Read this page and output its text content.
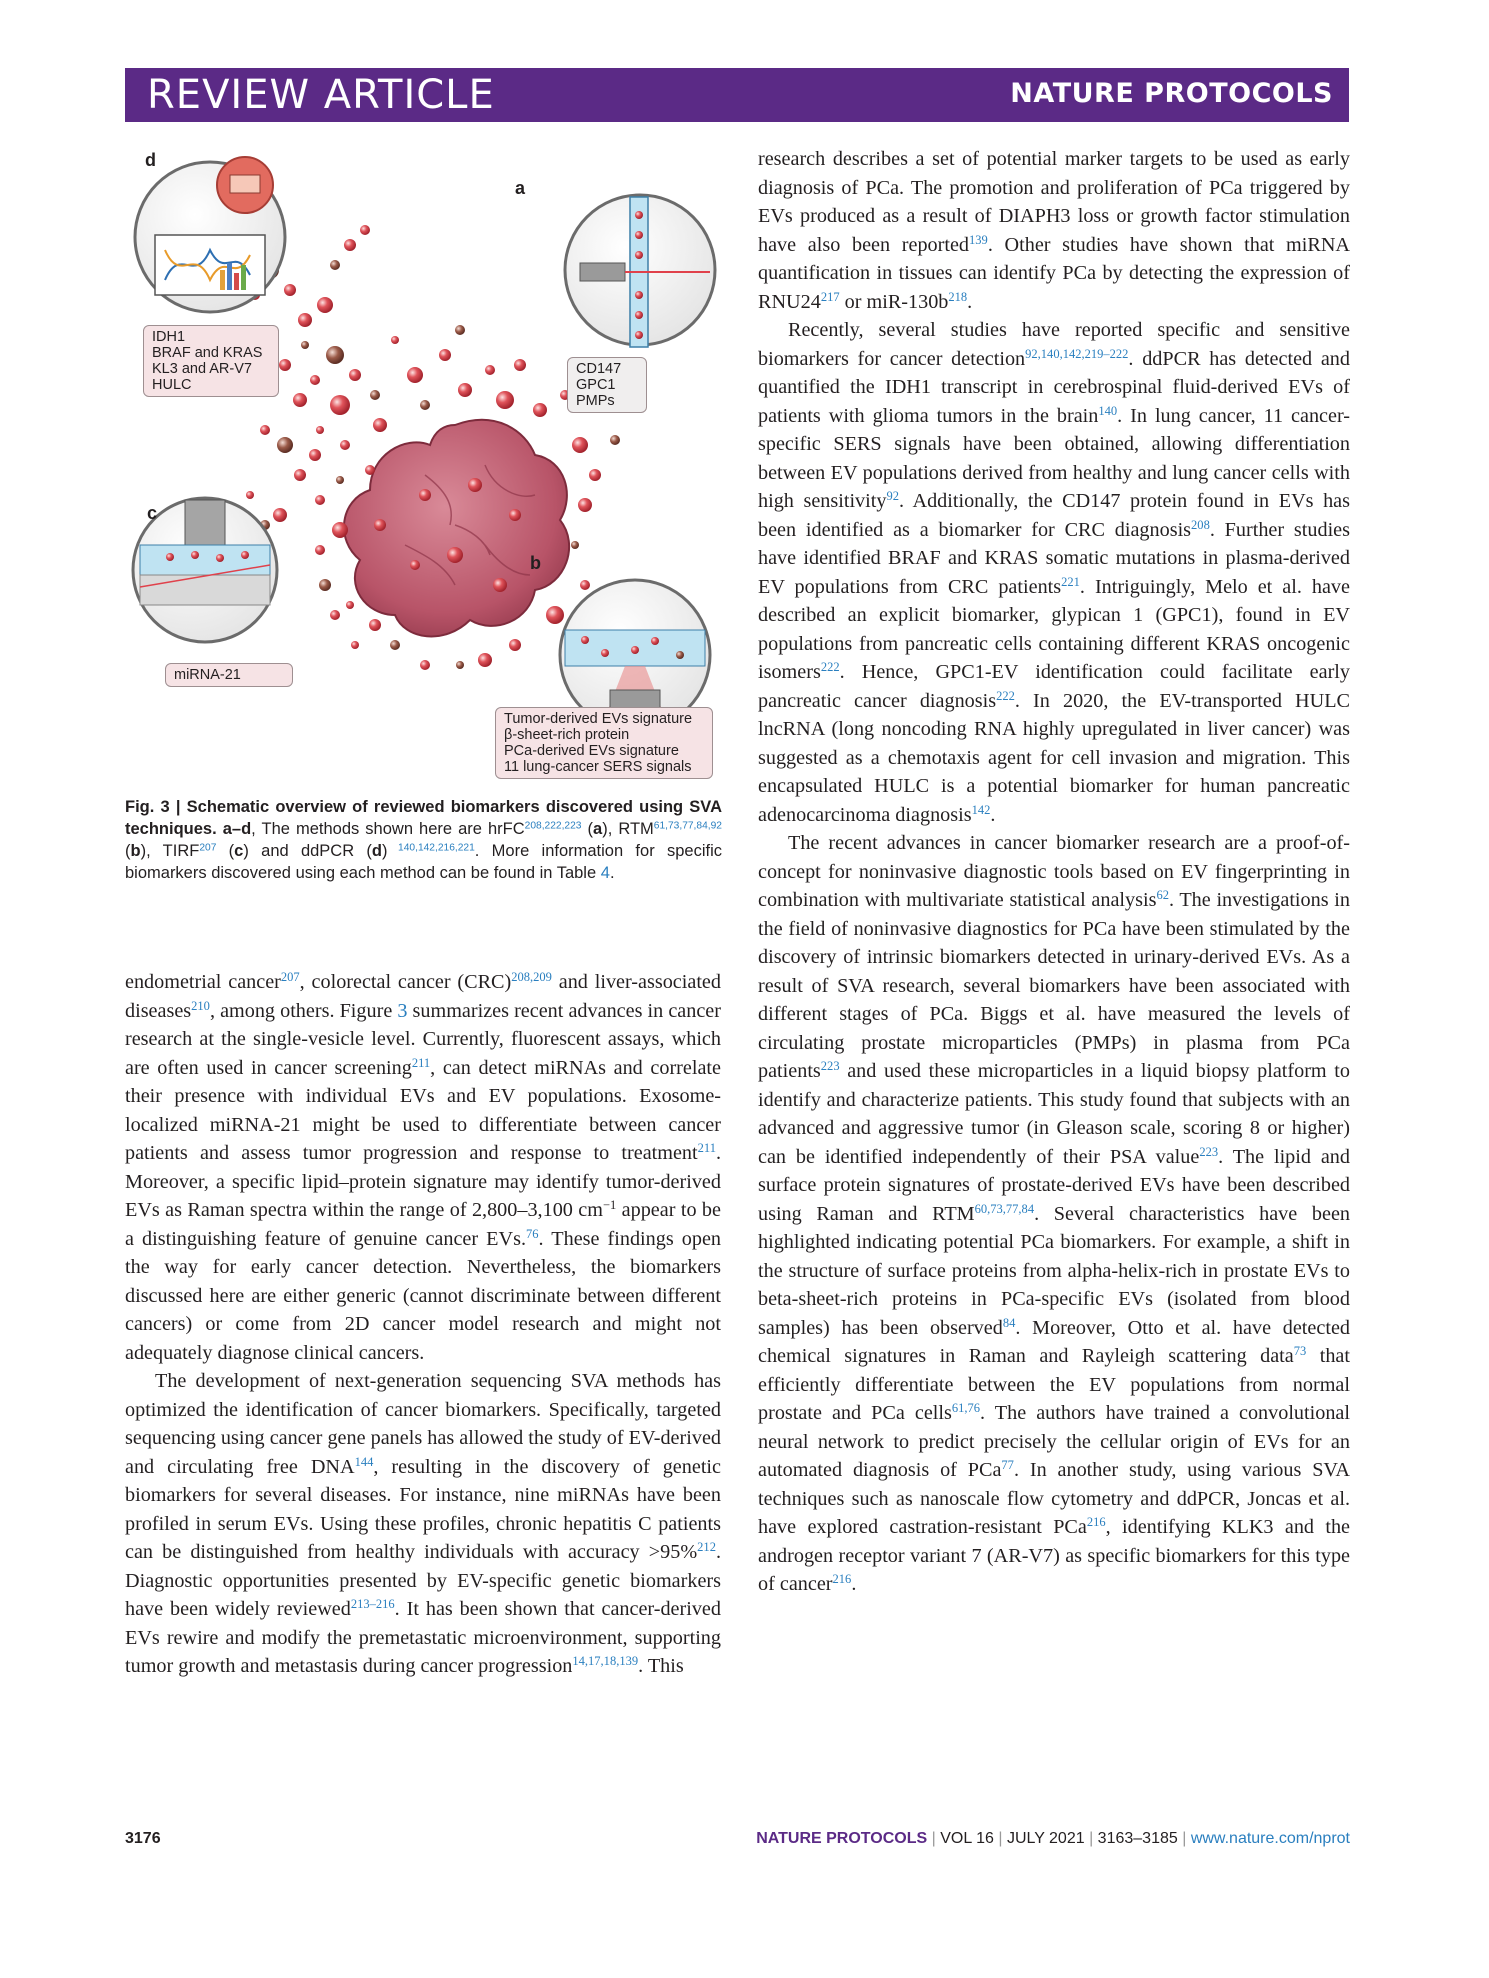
REVIEW ARTICLE	NATURE PROTOCOLS
d
a
c
b
IDH1
BRAF and KRAS
KL3 and AR-V7
HULC
CD147
GPC1
PMPs
miRNA-21
Tumor-derived EVs signature
β-sheet-rich protein
PCa-derived EVs signature
11 lung-cancer SERS signals
Fig. 3 | Schematic overview of reviewed biomarkers discovered using SVA techniques. a–d, The methods shown here are hrFC$^{208,222,223}$ (a), RTM$^{61,73,77,84,92}$ (b), TIRF$^{207}$ (c) and ddPCR (d) $^{140,142,216,221}$. More information for specific biomarkers discovered using each method can be found in Table 4.

endometrial cancer$^{207}$, colorectal cancer (CRC)$^{208,209}$ and liver-associated diseases$^{210}$, among others. Figure 3 summarizes recent advances in cancer research at the single-vesicle level. Currently, fluorescent assays, which are often used in cancer screening$^{211}$, can detect miRNAs and correlate their presence with individual EVs and EV populations. Exosome-localized miRNA-21 might be used to differentiate between cancer patients and assess tumor progression and response to treatment$^{211}$. Moreover, a specific lipid–protein signature may identify tumor-derived EVs as Raman spectra within the range of 2,800–3,100 $cm^{-1}$ appear to be a distinguishing feature of genuine cancer EVs.$^{76}$. These findings open the way for early cancer detection. Nevertheless, the biomarkers discussed here are either generic (cannot discriminate between different cancers) or come from 2D cancer model research and might not adequately diagnose clinical cancers.

The development of next-generation sequencing SVA methods has optimized the identification of cancer biomarkers. Specifically, targeted sequencing using cancer gene panels has allowed the study of EV-derived and circulating free DNA$^{144}$, resulting in the discovery of genetic biomarkers for several diseases. For instance, nine miRNAs have been profiled in serum EVs. Using these profiles, chronic hepatitis C patients can be distinguished from healthy individuals with accuracy >95%$^{212}$. Diagnostic opportunities presented by EV-specific genetic biomarkers have been widely reviewed$^{213-216}$. It has been shown that cancer-derived EVs rewire and modify the premetastatic microenvironment, supporting tumor growth and metastasis during cancer progression$^{14,17,18,139}$. This

research describes a set of potential marker targets to be used as early diagnosis of PCa. The promotion and proliferation of PCa triggered by EVs produced as a result of DIAPH3 loss or growth factor stimulation have also been reported$^{139}$. Other studies have shown that miRNA quantification in tissues can identify PCa by detecting the expression of $RNU24^{217}$ or miR-$130b^{218}$.

Recently, several studies have reported specific and sensitive biomarkers for cancer detection$^{92,140,142,219-222}$. ddPCR has detected and quantified the IDH1 transcript in cerebrospinal fluid-derived EVs of patients with glioma tumors in the brain$^{140}$. In lung cancer, 11 cancer-specific SERS signals have been obtained, allowing differentiation between EV populations derived from healthy and lung cancer cells with high sensitivity$^{92}$. Additionally, the CD147 protein found in EVs has been identified as a biomarker for CRC diagnosis$^{208}$. Further studies have identified BRAF and KRAS somatic mutations in plasma-derived EV populations from CRC patients$^{221}$. Intriguingly, Melo et al. have described an explicit biomarker, glypican 1 (GPC1), found in EV populations from pancreatic cells containing different KRAS oncogenic isomers$^{222}$. Hence, GPC1-EV identification could facilitate early pancreatic cancer diagnosis$^{222}$. In 2020, the EV-transported HULC lncRNA (long noncoding RNA highly upregulated in liver cancer) was suggested as a chemotaxis agent for cell invasion and migration. This encapsulated HULC is a potential biomarker for human pancreatic adenocarcinoma diagnosis$^{142}$.

The recent advances in cancer biomarker research are a proof-of-concept for noninvasive diagnostic tools based on EV fingerprinting in combination with multivariate statistical analysis$^{62}$. The investigations in the field of noninvasive diagnostics for PCa have been stimulated by the discovery of intrinsic biomarkers detected in urinary-derived EVs. As a result of SVA research, several biomarkers have been associated with different stages of PCa. Biggs et al. have measured the levels of circulating prostate microparticles (PMPs) in plasma from PCa patients$^{223}$ and used these microparticles in a liquid biopsy platform to identify and characterize patients. This study found that subjects with an advanced and aggressive tumor (in Gleason scale, scoring 8 or higher) can be identified independently of their PSA value$^{223}$. The lipid and surface protein signatures of prostate-derived EVs have been described using Raman and RTM$^{60,73,77,84}$. Several characteristics have been highlighted indicating potential PCa biomarkers. For example, a shift in the structure of surface proteins from alpha-helix-rich in prostate EVs to beta-sheet-rich proteins in PCa-specific EVs (isolated from blood samples) has been observed$^{84}$. Moreover, Otto et al. have detected chemical signatures in Raman and Rayleigh scattering data$^{73}$ that efficiently differentiate between the EV populations from normal prostate and PCa cells$^{61,76}$. The authors have trained a convolutional neural network to predict precisely the cellular origin of EVs for an automated diagnosis of PCa$^{77}$. In another study, using various SVA techniques such as nanoscale flow cytometry and ddPCR, Joncas et al. have explored castration-resistant PCa$^{216}$, identifying KLK3 and the androgen receptor variant 7 (AR-V7) as specific biomarkers for this type of cancer$^{216}$.

3176	NATURE PROTOCOLS | VOL 16 | JULY 2021 | 3163–3185 | www.nature.com/nprot
